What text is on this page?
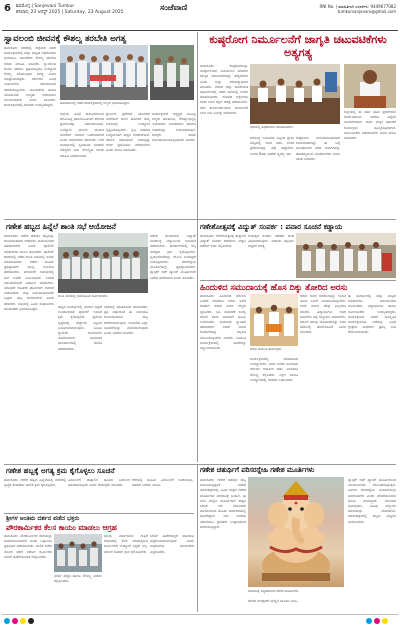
6 ಶಿವಮೊಗ್ಗ | Sanjevani Tumkur
ಶನಿವಾರ, 23 ಆಗಸ್ಟ್ 2025 | Saturday, 23 August 2025	ಸಂಜೆವಾಣಿ	RNI No. | ಮಾಹಿತಿಗಾಗಿ ಸಂಪರ್ಕಿಸಿ: 9449677082
tumkursanjevani@gmail.com
ಸ್ವಾವಲಂಬಿ ಜೀವನಕ್ಕೆ ಕೌಶಲ್ಯ ತರಬೇತಿ ಅಗತ್ಯ	ಕುಷ್ಠರೋಗ ನಿರ್ಮೂಲನೆಗೆ ಜಾಗೃತಿ ಚಟುವಟಿಕೆಗಳು ಅತ್ಯಗತ್ಯ
ತುಮಕೂರು ನಗರದಲ್ಲಿ ಶುಕ್ರವಾರ ನಡೆದ ಕಾರ್ಯಕ್ರಮದಲ್ಲಿ ಜಿಲ್ಲಾ ಮಟ್ಟದ ಅಧಿಕಾರಿಗಳು ಭಾಗವಹಿಸಿ ಯುವಕರಿಗೆ ಕೌಶಲ್ಯ ತರಬೇತಿ ಕುರಿತು ಮಾಹಿತಿ ನೀಡಿದರು. ಸ್ವಾವಲಂಬಿ ಜೀವನ ನಡೆಸಲು ಪ್ರತಿಯೊಬ್ಬರೂ ಉದ್ಯೋಗ ಕೌಶಲ್ಯ ಕಲಿಯುವುದು ಅಗತ್ಯ ಎಂದು ಅಭಿಪ್ರಾಯಪಟ್ಟರು. ಸರ್ಕಾರದ ವಿವಿಧ ಯೋಜನೆಗಳ ಸದುಪಯೋಗ ಪಡೆದುಕೊಳ್ಳಬೇಕು. ಮಹಿಳೆಯರು ಹಾಗೂ ಯುವಜನರು ಉದ್ಯಮ ಆರಂಭಿಸಲು ಮುಂದಾಗಬೇಕು ಎಂದು ತಿಳಿಸಿದರು. ಕಾರ್ಯಕ್ರಮದಲ್ಲಿ ಹಲವರು ಉಪಸ್ಥಿತರಿದ್ದರು.
ತುಮಕೂರಿನಲ್ಲಿ ನಡೆದ ಕಾರ್ಯಕ್ರಮದಲ್ಲಿ ಗಣ್ಯರು ಭಾಗವಹಿಸಿದ್ದರು.
ಜಿಲ್ಲೆಯ ವಿವಿಧ ತಾಲೂಕುಗಳಿಂದ ಆಗಮಿಸಿದ್ದ ಫಲಾನುಭವಿಗಳಿಗೆ ತರಬೇತಿ ಪ್ರಮಾಣಪತ್ರ ವಿತರಿಸಲಾಯಿತು. ಉದ್ಯೋಗ ಮೇಳದ ಮೂಲಕ ಅನೇಕರಿಗೆ ಅವಕಾಶ ಒದಗಿಸಲಾಗಿದೆ ಎಂದು ಅಧಿಕಾರಿಗಳು ಹೇಳಿದರು. ಇದೇ ಸಂದರ್ಭದಲ್ಲಿ ಸ್ವಸಹಾಯ ಸಂಘಗಳ ಸದಸ್ಯರಿಗೆ ಸಾಲ ಸೌಲಭ್ಯದ ಕುರಿತು ಮಾಹಿತಿ ನೀಡಲಾಯಿತು.
ಗ್ರಾಮೀಣ ಪ್ರದೇಶದ ಯುವಕರು ನಗರಗಳಿಗೆ ವಲಸೆ ಹೋಗದೆ ತಮ್ಮ ಊರಿನಲ್ಲೇ ಉದ್ಯೋಗ ಸೃಷ್ಟಿಸಿಕೊಳ್ಳಬೇಕು. ಕೃಷಿ ಆಧಾರಿತ ಉದ್ಯಮಗಳಿಗೆ ಹೆಚ್ಚಿನ ಅವಕಾಶಗಳಿವೆ. ಸರ್ಕಾರ ಸಹಾಯಧನ ನೀಡುತ್ತಿದ್ದು ಅದರ ಪ್ರಯೋಜನ ಪಡೆಯಬೇಕು ಎಂದು ಮನವಿ ಮಾಡಿದರು.
ಕಾರ್ಯಕ್ರಮದ ಅಧ್ಯಕ್ಷತೆ ವಹಿಸಿದ್ದ ಗಣ್ಯರು ಮಾತನಾಡಿ, ಕೌಶಲ್ಯಾಭಿವೃದ್ಧಿ ಇಲಾಖೆಯು ನಿರಂತರವಾಗಿ ತರಬೇತಿ ಶಿಬಿರಗಳನ್ನು ಆಯೋಜಿಸುತ್ತಿದೆ. ಆಸಕ್ತರು ಹೆಸರು ನೋಂದಾಯಿಸಿಕೊಳ್ಳಬಹುದು ಎಂದರು.
ತುಮಕೂರು: ಕುಷ್ಠರೋಗವನ್ನು ಸಂಪೂರ್ಣವಾಗಿ ನಿರ್ಮೂಲನೆ ಮಾಡಲು ಜಾಗೃತಿ ಚಟುವಟಿಕೆಗಳನ್ನು ಹೆಚ್ಚಿಸಬೇಕು ಎಂದು ಜಿಲ್ಲಾ ಆರೋಗ್ಯಾಧಿಕಾರಿ ತಿಳಿಸಿದರು. ನಗರದ ಜಿಲ್ಲಾ ಪಂಚಾಯಿತಿ ಸಭಾಂಗಣದಲ್ಲಿ ನಡೆದ ಸಭೆಯಲ್ಲಿ ಅವರು ಮಾತನಾಡಿದರು. ರೋಗದ ಲಕ್ಷಣಗಳು ಕಂಡು ಬಂದ ತಕ್ಷಣ ಚಿಕಿತ್ಸೆ ಪಡೆಯಬೇಕು. ಆಶಾ ಕಾರ್ಯಕರ್ತೆಯರು ಮನೆಮನೆಗೆ ಭೇಟಿ ನೀಡಿ ಸಮೀಕ್ಷೆ ನಡೆಸಬೇಕು.
ಸಭೆಯಲ್ಲಿ ಅಧಿಕಾರಿಗಳು ಮಾತನಾಡಿದರು.
ಜಿಲ್ಲೆಯಲ್ಲಿ ಈ ವರ್ಷ ಹೊಸ ಪ್ರಕರಣಗಳು ಕಡಿಮೆಯಾಗಿವೆ. ಆದರೂ ಎಚ್ಚರಿಕೆ ವಹಿಸಬೇಕಾಗಿದೆ. ಶಾಲಾ ಮಕ್ಕಳ ತಪಾಸಣೆ ಕಾರ್ಯಕ್ರಮ ಹಮ್ಮಿಕೊಳ್ಳಲಾಗಿದೆ. ಸಾರ್ವಜನಿಕರು ಸಹಕರಿಸಬೇಕು ಎಂದು ಮನವಿ ಮಾಡಿದರು.
ಆರೋಗ್ಯ ಇಲಾಖೆಯ ಸಿಬ್ಬಂದಿ ಗ್ರಾಮ ಮಟ್ಟದಲ್ಲಿ ಶಿಬಿರ ನಡೆಸಿ ಶಂಕಿತ ಪ್ರಕರಣಗಳನ್ನು ಪತ್ತೆ ಹಚ್ಚಬೇಕು. ಉಚಿತ ಔಷಧಿ ವಿತರಣೆ ವ್ಯವಸ್ಥೆ ಇದೆ.
ಕುಷ್ಠರೋಗ ಗುಣಪಡಿಸಬಹುದಾದ ಕಾಯಿಲೆಯಾಗಿದ್ದು ಈ ಬಗ್ಗೆ ಮೂಢನಂಬಿಕೆ ಬೇಡ. ರೋಗಿಗಳನ್ನು ತಾರತಮ್ಯದಿಂದ ನೋಡಬಾರದು ಎಂದು ಸಲಹೆ ನೀಡಿದರು.
ಗಣೇಶ ಹಬ್ಬದ ಹಿನ್ನೆಲೆ ಶಾಂತಿ ಸಭೆ ಆಯೋಜನೆ	ಗಣೇಶೋತ್ಸವಕ್ಕೆ ವಿದ್ಯುತ್ ಸಂಪರ್ಕ : ಪವಾರ ಸೂಚನೆ ಕಡ್ಡಾಯ
ತುಮಕೂರು: ಗಣೇಶ ಚತುರ್ಥಿ ಹಬ್ಬವನ್ನು ಶಾಂತಿಯುತವಾಗಿ ಆಚರಿಸಲು ಸಾರ್ವಜನಿಕರು ಸಹಕರಿಸಬೇಕು ಎಂದು ಪೊಲೀಸ್ ಅಧಿಕಾರಿಗಳು ಮನವಿ ಮಾಡಿದರು. ಪೊಲೀಸ್ ಠಾಣೆಯಲ್ಲಿ ನಡೆದ ಶಾಂತಿ ಸಭೆಯಲ್ಲಿ ಅವರು ಮಾತನಾಡಿದರು. ಗಣೇಶ ಮೂರ್ತಿ ಪ್ರತಿಷ್ಠಾಪನೆಗೆ ಮುನ್ನ ಅನುಮತಿ ಪಡೆಯಬೇಕು. ಮೆರವಣಿಗೆ ಸಮಯದಲ್ಲಿ ಡಿಜೆ ಬಳಕೆಗೆ ನಿರ್ಬಂಧವಿದೆ. ನಿಗದಿತ ಸಮಯದೊಳಗೆ ವಿಸರ್ಜನೆ ಮಾಡಬೇಕು. ಯಾವುದೇ ಅಹಿತಕರ ಘಟನೆಗಳಿಗೆ ಅವಕಾಶ ನೀಡಬಾರದು. ಎಲ್ಲಾ ಸಮುದಾಯದವರು ಒಟ್ಟಾಗಿ ಹಬ್ಬ ಆಚರಿಸಬೇಕು ಎಂದು ಹೇಳಿದರು. ಸಭೆಯಲ್ಲಿ ವಿವಿಧ ಸಂಘಟನೆಗಳ ಮುಖಂಡರು ಭಾಗವಹಿಸಿದ್ದರು.
ಶಾಂತಿ ಸಭೆಯಲ್ಲಿ ಭಾಗವಹಿಸಿದ ಸಾರ್ವಜನಿಕರು.
ಗಣೇಶ ಮಂಡಳಿಗಳು ವಿದ್ಯುತ್ ಸಂಪರ್ಕಕ್ಕೆ ಬೆಸ್ಕಾಂನಿಂದ ಅನುಮತಿ ಪಡೆಯಬೇಕು. ಪೆಂಡಾಲ್‌ಗಳಲ್ಲಿ ಅಗ್ನಿ ಸುರಕ್ಷತಾ ಕ್ರಮ ಕೈಗೊಳ್ಳಬೇಕು. ಸ್ವಯಂಸೇವಕರನ್ನು ನೇಮಿಸಿ ಜನದಟ್ಟಣೆ ನಿಯಂತ್ರಿಸಬೇಕು. ಪರಿಸರಸ್ನೇಹಿ ಮೂರ್ತಿಗಳನ್ನೇ ಪ್ರತಿಷ್ಠಾಪಿಸಬೇಕು. ಪ್ಲಾಸ್ಟರ್ ಆಫ್ ಪ್ಯಾರಿಸ್ ಮೂರ್ತಿಗಳಿಗೆ ನಿಷೇಧ ಹೇರಲಾಗಿದೆ ಎಂದು ತಿಳಿಸಿದರು.
ಹಬ್ಬದ ಸಂದರ್ಭದಲ್ಲಿ ಸಂಚಾರ ದಟ್ಟಣೆ ಉಂಟಾಗದಂತೆ ಪೊಲೀಸ್ ಇಲಾಖೆ ಕ್ರಮ ಕೈಗೊಳ್ಳಲಿದೆ. ಪ್ರಮುಖ ವೃತ್ತಗಳಲ್ಲಿ ಹೆಚ್ಚುವರಿ ಸಿಬ್ಬಂದಿ ನಿಯೋಜಿಸಲಾಗುವುದು. ಸಿಸಿಟಿವಿ ಕ್ಯಾಮೆರಾ ಅಳವಡಿಸಲು ಸೂಚಿಸಲಾಗಿದೆ. ಸಾಮಾಜಿಕ ಜಾಲತಾಣಗಳಲ್ಲಿ ವದಂತಿ ಹರಡಬಾರದು.
ಸಭೆಯಲ್ಲಿ ಮಾತನಾಡಿದ ಮುಖಂಡರು, ಪ್ರತಿ ವರ್ಷದಂತೆ ಈ ಬಾರಿಯೂ ಶಾಂತಿಯುತವಾಗಿ ಹಬ್ಬ ಆಚರಿಸಲಾಗುವುದು. ಇಲಾಖೆಯ ಎಲ್ಲಾ ಸೂಚನೆಗಳನ್ನು ಪಾಲಿಸಲಾಗುವುದು ಎಂದು ಭರವಸೆ ನೀಡಿದರು.
ತುಮಕೂರು: ಗಣೇಶೋತ್ಸವಕ್ಕೆ ತಾತ್ಕಾಲಿಕ ವಿದ್ಯುತ್ ಸಂಪರ್ಕ ಪಡೆಯಲು ಬೆಸ್ಕಾಂ ಕಚೇರಿಗೆ ಅರ್ಜಿ ಸಲ್ಲಿಸಬೇಕು.
ಅನಧಿಕೃತ ಸಂಪರ್ಕ ಪಡೆದರೆ ದಂಡ ವಿಧಿಸಲಾಗುವುದು. ಅಪಾಯ ತಪ್ಪಿಸಲು ಎಚ್ಚರಿಕೆ ಅಗತ್ಯ.
ಹಿಂದುಳಿದ ಸಮುದಾಯಕ್ಕೆ ಹೊಸ ದಿಕ್ಕು ತೋರಿದ ಅರಸು
ತುಮಕೂರು: ಹಿಂದುಳಿದ ವರ್ಗಗಳ ಏಳಿಗೆಗೆ ದೇವರಾಜ ಅರಸು ಅವರ ಕೊಡುಗೆ ಅಪಾರ ಎಂದು ಗಣ್ಯರು ಸ್ಮರಿಸಿದರು. ಭೂ ಸುಧಾರಣೆ ಕಾಯ್ದೆ ಜಾರಿಗೆ ತಂದು ಬಡವರಿಗೆ ಭೂಮಿ ಒದಗಿಸಿದರು. ಸಾಮಾಜಿಕ ನ್ಯಾಯದ ಹರಿಕಾರರಾಗಿ ಅವರು ನೀಡಿದ ಕೊಡುಗೆಯನ್ನು ಎಲ್ಲರೂ ನೆನಪಿಸಿಕೊಳ್ಳಬೇಕು ಎಂದರು. ಜಯಂತಿ ಕಾರ್ಯಕ್ರಮದಲ್ಲಿ ಸಾಧಕರನ್ನು ಸನ್ಮಾನಿಸಲಾಯಿತು.	ಅರಸು ಜಯಂತಿ ಕಾರ್ಯಕ್ರಮ.
ಕಾರ್ಯಕ್ರಮದಲ್ಲಿ ಮಾತನಾಡಿದ ಉಪನ್ಯಾಸಕರು, ಅರಸು ಅವರು ಹಿಂದುಳಿದ ವರ್ಗಗಳ ಆಯೋಗ ರಚಿಸಿ ಮೀಸಲಾತಿ ಸೌಲಭ್ಯ ಕಲ್ಪಿಸಿದರು. ಶಿಕ್ಷಣ ಹಾಗೂ ಉದ್ಯೋಗದಲ್ಲಿ ಅವಕಾಶ ಒದಗಿಸಿದರು.
ಅರಸು ಅವರ ಆದರ್ಶಗಳನ್ನು ಇಂದಿನ ಯುವ ಪೀಳಿಗೆ ಅಳವಡಿಸಿಕೊಳ್ಳಬೇಕು. ಅವರ ಜೀವನ ಚರಿತ್ರೆ ಎಲ್ಲರಿಗೂ ಮಾದರಿ. ವಿದ್ಯಾರ್ಥಿಗಳು ಅವರ ಸಾಧನೆಗಳ ಬಗ್ಗೆ ಅಧ್ಯಯನ ಮಾಡಬೇಕು. ಸರ್ಕಾರ ಹಲವು ಯೋಜನೆಗಳನ್ನು ಅವರ ಹೆಸರಿನಲ್ಲಿ ಜಾರಿಗೊಳಿಸಿದೆ ಎಂದು ತಿಳಿಸಿದರು.
ಈ ಸಂದರ್ಭದಲ್ಲಿ ಜಿಲ್ಲಾ ಮಟ್ಟದ ಅಧಿಕಾರಿಗಳು, ಸಮುದಾಯದ ಮುಖಂಡರು, ವಿದ್ಯಾರ್ಥಿಗಳು ಹಾಗೂ ಸಾರ್ವಜನಿಕರು ಉಪಸ್ಥಿತರಿದ್ದರು. ಕಾರ್ಯಕ್ರಮದ ನಂತರ ಸಾಂಸ್ಕೃತಿಕ ಕಾರ್ಯಕ್ರಮಗಳು ನಡೆದವು. ವಿವಿಧ ಕ್ಷೇತ್ರಗಳ ಸಾಧಕರಿಗೆ ಪ್ರಶಸ್ತಿ ನೀಡಿ ಗೌರವಿಸಲಾಯಿತು.
ಗಣೇಶ ಹಬ್ಬಕ್ಕೆ ಅಗತ್ಯ ಕ್ರಮ ಕೈಗೊಳ್ಳಲು ಸೂಚನೆ
ತುಮಕೂರು: ಗಣೇಶ ಹಬ್ಬದ ಹಿನ್ನೆಲೆಯಲ್ಲಿ ನಗರದಲ್ಲಿ ಸ್ವಚ್ಛತೆ ಕಾಪಾಡಲು ಪಾಲಿಕೆ ಕ್ರಮ ಕೈಗೊಳ್ಳಲಿದೆ.
ವಿಸರ್ಜನೆಗೆ ತಾತ್ಕಾಲಿಕ ಹೊಂಡ ನಿರ್ಮಾಣ ಮಾಡಲಾಗುವುದು ಎಂದು ಆಯುಕ್ತರು ತಿಳಿಸಿದರು.
ಕೆರೆಗಳಲ್ಲಿ ಮೂರ್ತಿ ವಿಸರ್ಜನೆಗೆ ಅವಕಾಶವಿಲ್ಲ. ಸಹಕಾರ ನೀಡಲು ಮನವಿ.
ಶ್ರೀಗಳ ಅಂತಿಮ ದರ್ಶನ ಪಡೆದ ಭಕ್ತರು
ಪೌರಕಾರ್ಮಿಕರ ಕೆಲಸ ಕಾಯಂ ಮಾಡಲು ಆಗ್ರಹ
ತುಮಕೂರು: ಪೌರಕಾರ್ಮಿಕರ ಸೇವೆಯನ್ನು ಕಾಯಂಗೊಳಿಸಬೇಕು ಎಂದು ಒತ್ತಾಯಿಸಿ ಪ್ರತಿಭಟನೆ ನಡೆಸಲಾಯಿತು. ಪಾಲಿಕೆ ಕಚೇರಿ ಮುಂದೆ ಧರಣಿ ನಡೆಸಿದ ಕಾರ್ಮಿಕರು ಬೇಡಿಕೆ ಈಡೇರಿಸುವಂತೆ ಆಗ್ರಹಿಸಿದರು.
ವೇತನ ಹೆಚ್ಚಳ ಹಾಗೂ ಸೌಲಭ್ಯ ನೀಡಲು ಆಗ್ರಹಿಸಿದರು.
ಹಲವು ವರ್ಷಗಳಿಂದ ಗುತ್ತಿಗೆ ಆಧಾರದಲ್ಲಿ ಕೆಲಸ ಮಾಡುತ್ತಿರುವ ಕಾರ್ಮಿಕರಿಗೆ ಉದ್ಯೋಗ ಭದ್ರತೆ ಇಲ್ಲ. ಸರ್ಕಾರ ಕೂಡಲೇ ಕ್ರಮ ಕೈಗೊಳ್ಳಬೇಕು.
ಬೇಡಿಕೆ ಈಡೇರದಿದ್ದರೆ ಹೋರಾಟ ತೀವ್ರಗೊಳಿಸಲಾಗುವುದು ಎಂದು ಸಂಘಟನೆಯ ಮುಖಂಡರು ಎಚ್ಚರಿಸಿದರು.
ಗಣೇಶ ಚತುರ್ಥಿಗೆ ಪರಿಸರಸ್ನೇಹಿ ಗಣೇಶ ಮೂರ್ತಿಗಳು
ತುಮಕೂರು: ಗಣೇಶ ಚತುರ್ಥಿ ಹಬ್ಬ ಸಮೀಪಿಸುತ್ತಿದ್ದಂತೆ ನಗರದ ಮಾರುಕಟ್ಟೆಗಳಲ್ಲಿ ವಿವಿಧ ಗಾತ್ರದ ಗಣೇಶ ಮೂರ್ತಿಗಳು ಮಾರಾಟಕ್ಕೆ ಬಂದಿವೆ. ಈ ಬಾರಿ ಮಣ್ಣಿನ ಮೂರ್ತಿಗಳಿಗೆ ಹೆಚ್ಚಿನ ಬೇಡಿಕೆ ಇದೆ. ಕಲಾವಿದರು ತಿಂಗಳುಗಳಿಂದ ಮೂರ್ತಿ ತಯಾರಿಕೆಯಲ್ಲಿ ತೊಡಗಿದ್ದಾರೆ. ಬೆಲೆ ಏರಿಕೆಯ ನಡುವೆಯೂ ಗ್ರಾಹಕರು ಉತ್ಸಾಹದಿಂದ ಖರೀದಿಸುತ್ತಿದ್ದಾರೆ.
ಮಾರಾಟಕ್ಕೆ ಸಿದ್ಧವಾಗಿರುವ ಗಣೇಶ ಮೂರ್ತಿಗಳು.
ಪರಿಸರ ಸಂರಕ್ಷಣೆಗೆ ಮಣ್ಣಿನ ಮೂರ್ತಿ ಬಳಸಿ.
ಪ್ಲಾಸ್ಟರ್ ಆಫ್ ಪ್ಯಾರಿಸ್ ಮೂರ್ತಿಗಳಿಂದ ಜಲಮೂಲಗಳು ಕಲುಷಿತಗೊಳ್ಳುತ್ತವೆ. ಹೀಗಾಗಿ ಪರಿಸರಸ್ನೇಹಿ ಮೂರ್ತಿಗಳನ್ನೇ ಖರೀದಿಸಬೇಕು ಎಂದು ಪರಿಸರವಾದಿಗಳು ಮನವಿ ಮಾಡಿದ್ದಾರೆ. ಅಲಂಕಾರ ಸಾಮಗ್ರಿಗಳು, ಹೂವು ಹಣ್ಣುಗಳ ಮಾರಾಟವೂ ಜೋರಾಗಿದೆ. ಮಾರುಕಟ್ಟೆಯಲ್ಲಿ ಹಬ್ಬದ ಸಂಭ್ರಮ ಕಂಡುಬಂದಿದೆ.
